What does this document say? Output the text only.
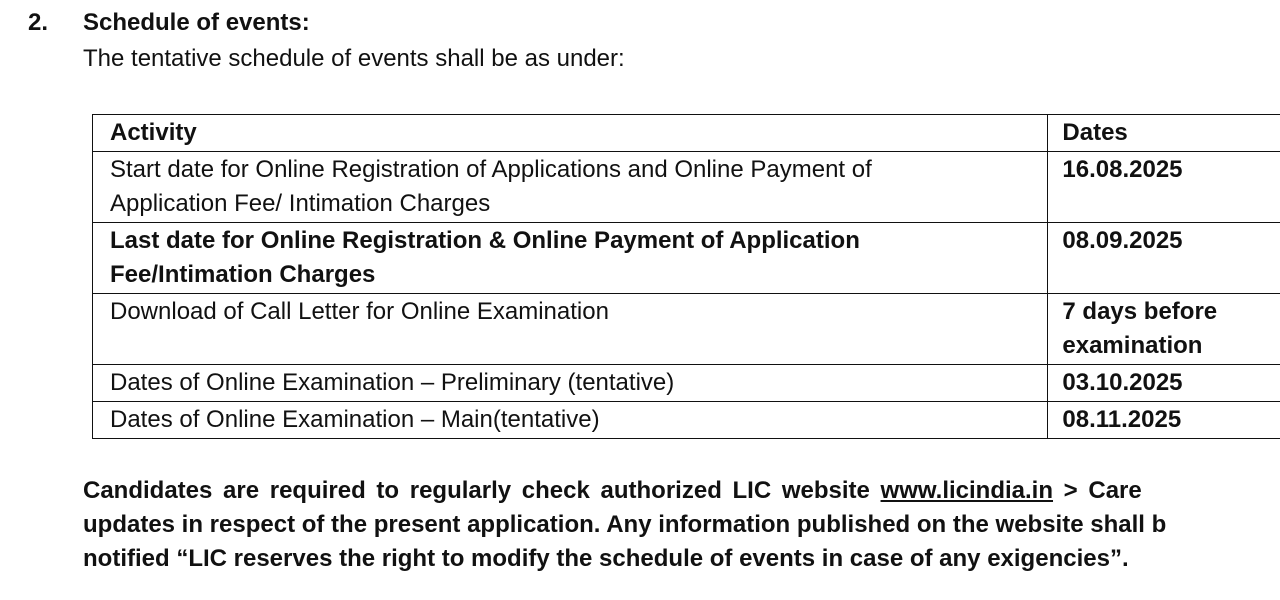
2. Schedule of events:
The tentative schedule of events shall be as under:
Activity	Dates

Start date for Online Registration of Applications and Online Payment of
Application Fee/ Intimation Charges	16.08.2025

Last date for Online Registration & Online Payment of Application
Fee/Intimation Charges	08.09.2025

Download of Call Letter for Online Examination	7 days before
examination

Dates of Online Examination – Preliminary (tentative)	03.10.2025

Dates of Online Examination – Main(tentative)	08.11.2025
Candidates are required to regularly check authorized LIC website www.licindia.in > Care
updates in respect of the present application. Any information published on the website shall b
notified “LIC reserves the right to modify the schedule of events in case of any exigencies”.
